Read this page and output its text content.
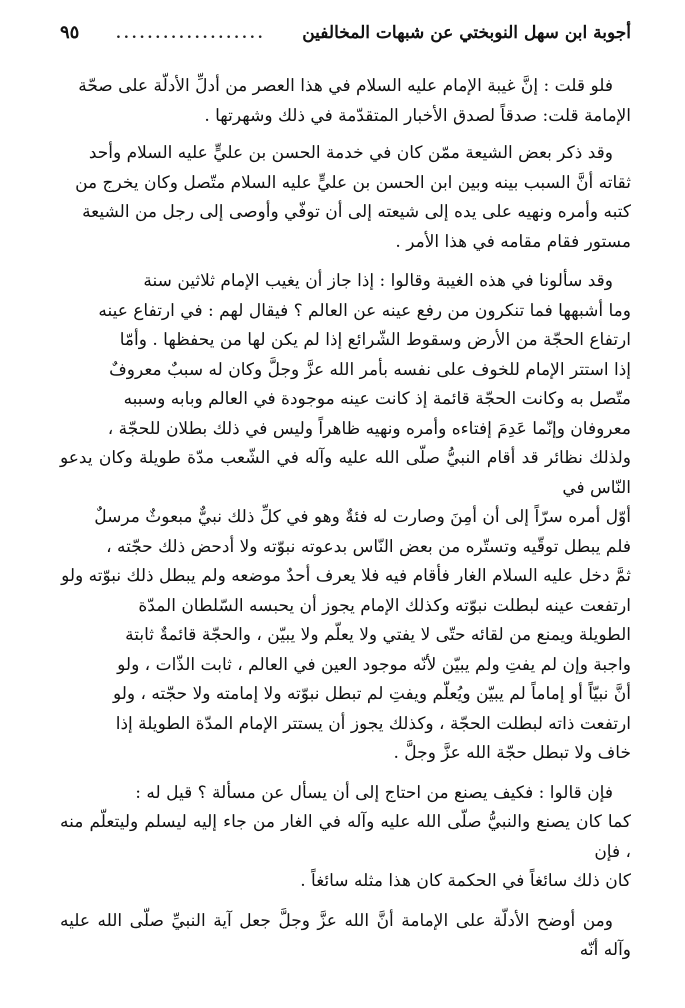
أجوبة ابن سهل النوبختي عن شبهات المخالفين
...................
٩٥

فلو قلت : إنَّ غيبة الإمام عليه السلام في هذا العصر من أدلِّ الأدلّة على صحّة
الإمامة قلت: صدقاً لصدق الأخبار المتقدّمة في ذلك وشهرتها .

وقد ذكر بعض الشيعة ممّن كان في خدمة الحسن بن عليٍّ عليه السلام وأحد
ثقاته أنَّ السبب بينه وبين ابن الحسن بن عليٍّ عليه السلام متّصل وكان يخرج من
كتبه وأمره ونهيه على يده إلى شيعته إلى أن توفّي وأوصى إلى رجل من الشيعة
مستور فقام مقامه في هذا الأمر .

وقد سألونا في هذه الغيبة وقالوا : إذا جاز أن يغيب الإمام ثلاثين سنة
وما أشبهها فما تنكرون من رفع عينه عن العالم ؟ فيقال لهم : في ارتفاع عينه
ارتفاع الحجّة من الأرض وسقوط الشّرائع إذا لم يكن لها من يحفظها . وأمّا
إذا استتر الإمام للخوف على نفسه بأمر الله عزَّ وجلَّ وكان له سببٌ معروفٌ
متّصل به وكانت الحجّة قائمة إذ كانت عينه موجودة في العالم وبابه وسببه
معروفان وإنّما عَدِمَ إفتاءه وأمره ونهيه ظاهراً وليس في ذلك بطلان للحجّة ،
ولذلك نظائر قد أقام النبيُّ صلّى الله عليه وآله في الشّعب مدّة طويلة وكان يدعو النّاس في
أوّل أمره سرّاً إلى أن أمِنَ وصارت له فئةٌ وهو في كلِّ ذلك نبيٌّ مبعوثٌ مرسلٌ
فلم يبطل توقّيه وتستّره من بعض النّاس بدعوته نبوّته ولا أدحض ذلك حجّته ،
ثمَّ دخل عليه السلام الغار فأقام فيه فلا يعرف أحدٌ موضعه ولم يبطل ذلك نبوّته ولو
ارتفعت عينه لبطلت نبوّته وكذلك الإمام يجوز أن يحبسه السّلطان المدّة
الطويلة ويمنع من لقائه حتّى لا يفتي ولا يعلّم ولا يبيّن ، والحجّة قائمةٌ ثابتة
واجبة وإن لم يفتِ ولم يبيّن لأنّه موجود العين في العالم ، ثابت الذّات ، ولو
أنَّ نبيّاً أو إماماً لم يبيّن ويُعلّم ويفتِ لم تبطل نبوّته ولا إمامته ولا حجّته ، ولو
ارتفعت ذاته لبطلت الحجّة ، وكذلك يجوز أن يستتر الإمام المدّة الطويلة إذا
خاف ولا تبطل حجّة الله عزَّ وجلَّ .

فإن قالوا : فكيف يصنع من احتاج إلى أن يسأل عن مسألة ؟ قيل له :
كما كان يصنع والنبيُّ صلّى الله عليه وآله في الغار من جاء إليه ليسلم وليتعلّم منه ، فإن
كان ذلك سائغاً في الحكمة كان هذا مثله سائغاً .

ومن أوضح الأدلّة على الإمامة أنَّ الله عزَّ وجلَّ جعل آية النبيِّ صلّى الله عليه وآله أنّه
